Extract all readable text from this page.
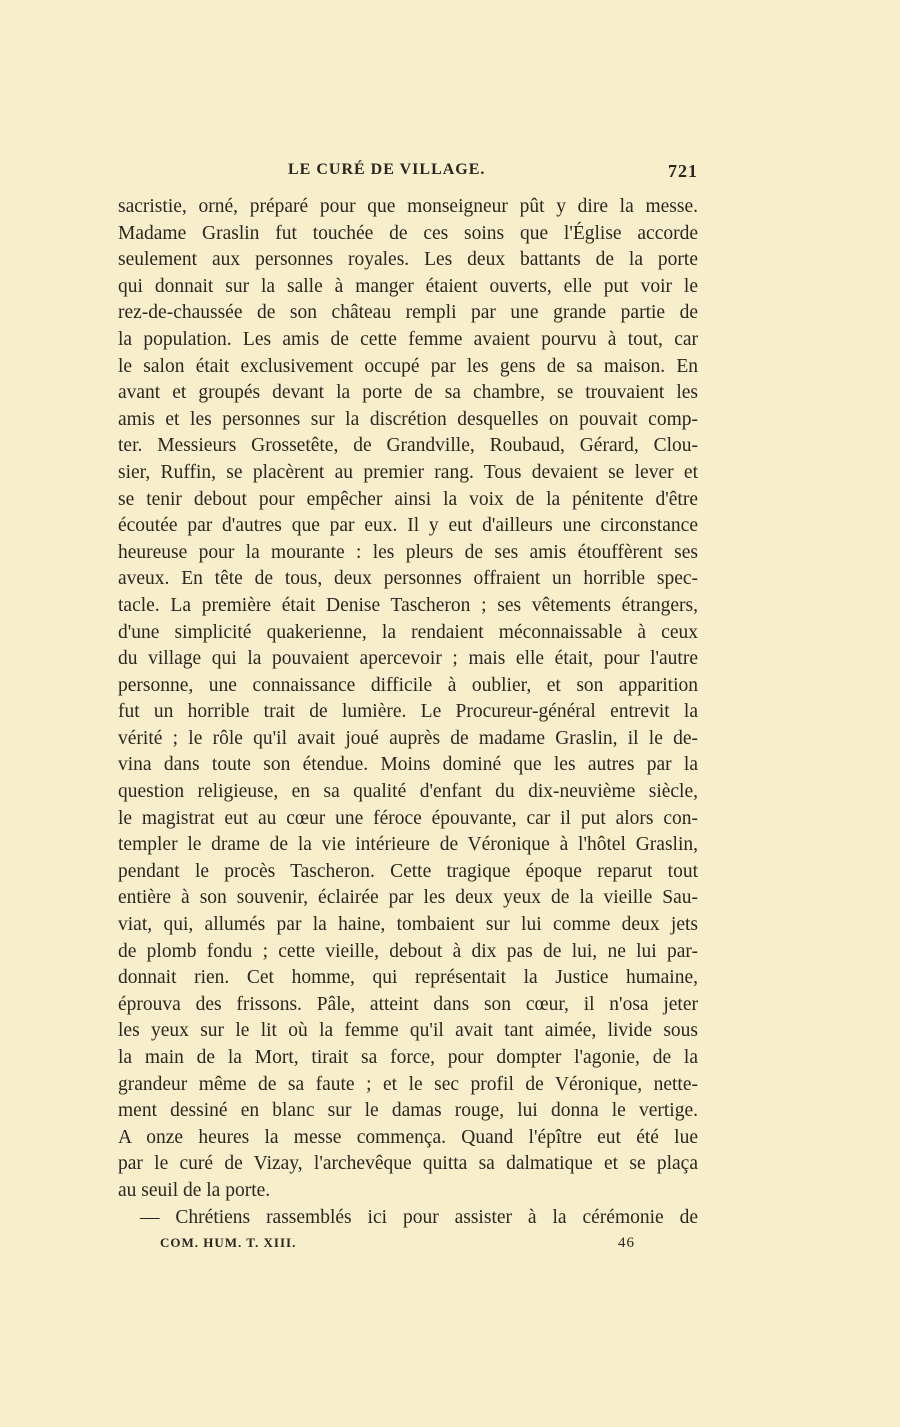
LE CURÉ DE VILLAGE.	721
sacristie, orné, préparé pour que monseigneur pût y dire la messe.
Madame Graslin fut touchée de ces soins que l'Église accorde
seulement aux personnes royales. Les deux battants de la porte
qui donnait sur la salle à manger étaient ouverts, elle put voir le
rez-de-chaussée de son château rempli par une grande partie de
la population. Les amis de cette femme avaient pourvu à tout, car
le salon était exclusivement occupé par les gens de sa maison. En
avant et groupés devant la porte de sa chambre, se trouvaient les
amis et les personnes sur la discrétion desquelles on pouvait comp-
ter. Messieurs Grossetête, de Grandville, Roubaud, Gérard, Clou-
sier, Ruffin, se placèrent au premier rang. Tous devaient se lever et
se tenir debout pour empêcher ainsi la voix de la pénitente d'être
écoutée par d'autres que par eux. Il y eut d'ailleurs une circonstance
heureuse pour la mourante : les pleurs de ses amis étouffèrent ses
aveux. En tête de tous, deux personnes offraient un horrible spec-
tacle. La première était Denise Tascheron ; ses vêtements étrangers,
d'une simplicité quakerienne, la rendaient méconnaissable à ceux
du village qui la pouvaient apercevoir ; mais elle était, pour l'autre
personne, une connaissance difficile à oublier, et son apparition
fut un horrible trait de lumière. Le Procureur-général entrevit la
vérité ; le rôle qu'il avait joué auprès de madame Graslin, il le de-
vina dans toute son étendue. Moins dominé que les autres par la
question religieuse, en sa qualité d'enfant du dix-neuvième siècle,
le magistrat eut au cœur une féroce épouvante, car il put alors con-
templer le drame de la vie intérieure de Véronique à l'hôtel Graslin,
pendant le procès Tascheron. Cette tragique époque reparut tout
entière à son souvenir, éclairée par les deux yeux de la vieille Sau-
viat, qui, allumés par la haine, tombaient sur lui comme deux jets
de plomb fondu ; cette vieille, debout à dix pas de lui, ne lui par-
donnait rien. Cet homme, qui représentait la Justice humaine,
éprouva des frissons. Pâle, atteint dans son cœur, il n'osa jeter
les yeux sur le lit où la femme qu'il avait tant aimée, livide sous
la main de la Mort, tirait sa force, pour dompter l'agonie, de la
grandeur même de sa faute ; et le sec profil de Véronique, nette-
ment dessiné en blanc sur le damas rouge, lui donna le vertige.
A onze heures la messe commença. Quand l'épître eut été lue
par le curé de Vizay, l'archevêque quitta sa dalmatique et se plaça
au seuil de la porte.
— Chrétiens rassemblés ici pour assister à la cérémonie de
COM. HUM. T. XIII.	46
